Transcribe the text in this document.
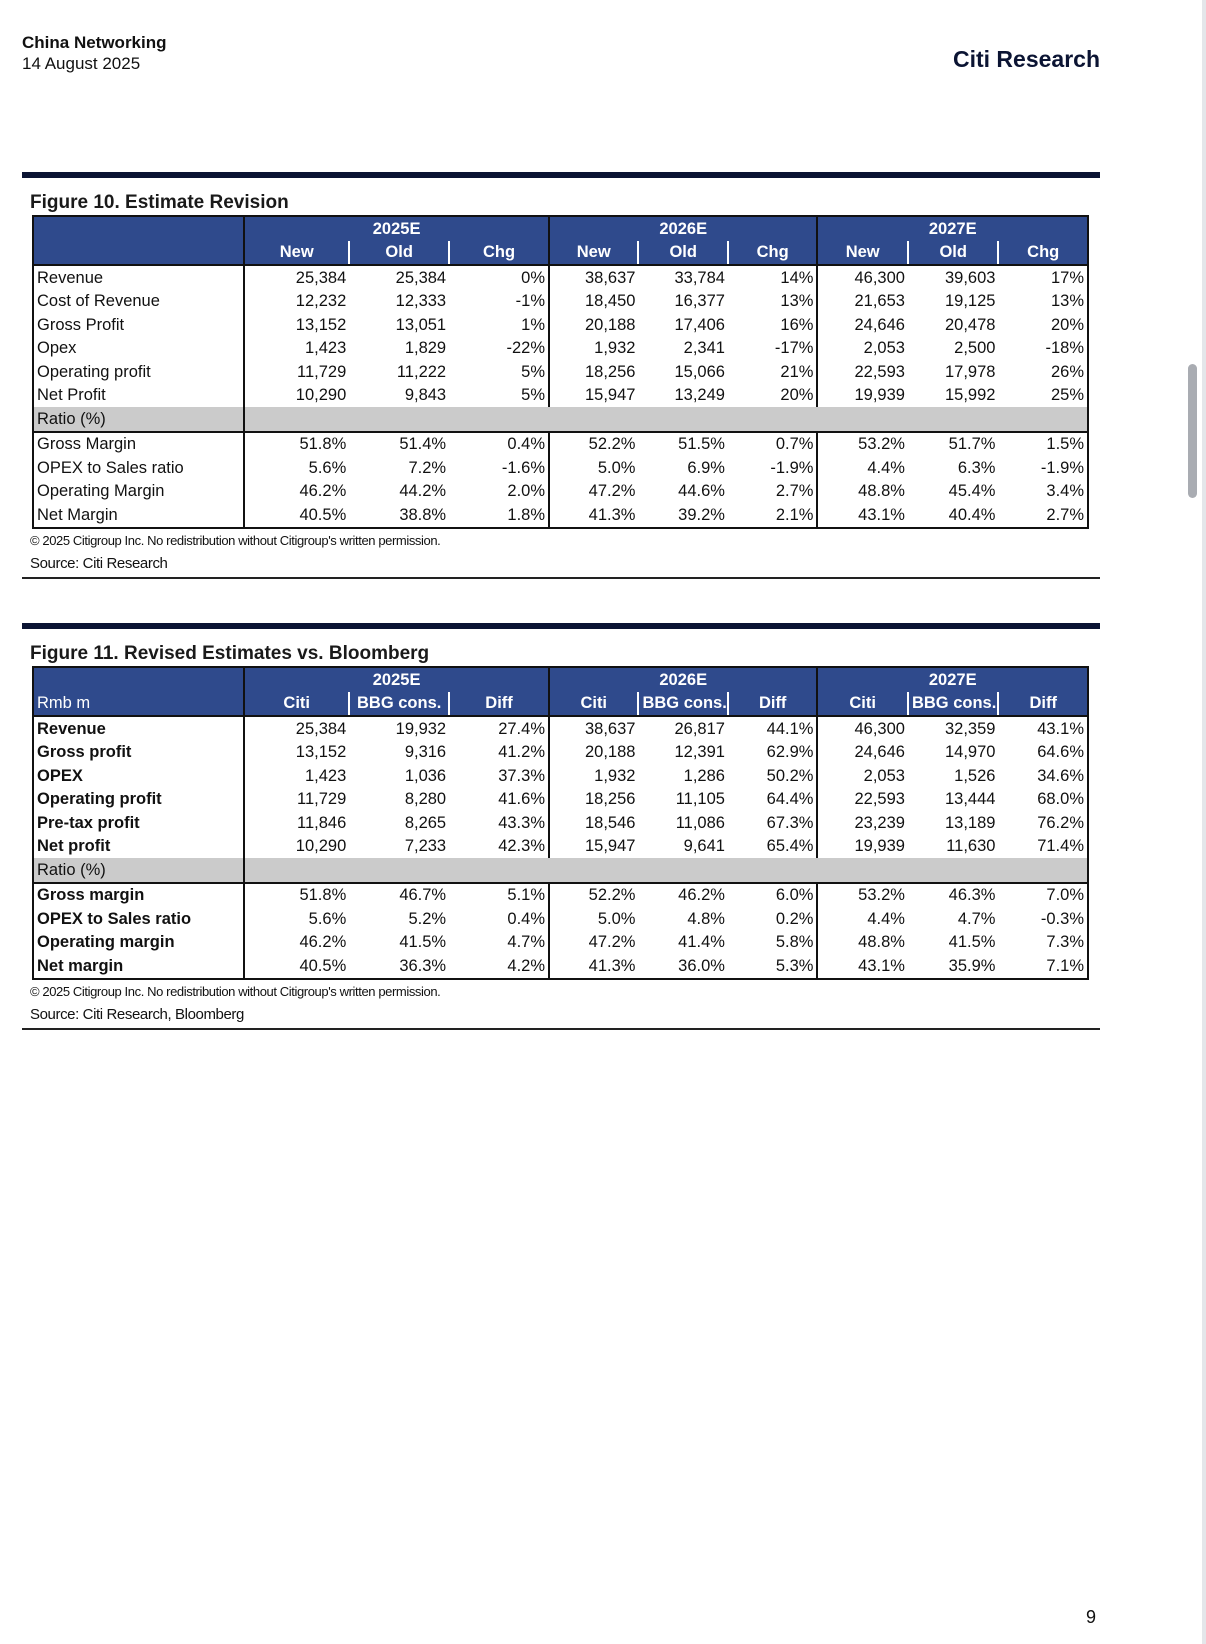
China Networking
14 August 2025	Citi Research
Figure 10. Estimate Revision
	2025E			2026E			2027E		
	New	Old	Chg	New	Old	Chg	New	Old	Chg
Revenue	25,384	25,384	0%	38,637	33,784	14%	46,300	39,603	17%
Cost of Revenue	12,232	12,333	-1%	18,450	16,377	13%	21,653	19,125	13%
Gross Profit	13,152	13,051	1%	20,188	17,406	16%	24,646	20,478	20%
Opex	1,423	1,829	-22%	1,932	2,341	-17%	2,053	2,500	-18%
Operating profit	11,729	11,222	5%	18,256	15,066	21%	22,593	17,978	26%
Net Profit	10,290	9,843	5%	15,947	13,249	20%	19,939	15,992	25%
Ratio (%)									
Gross Margin	51.8%	51.4%	0.4%	52.2%	51.5%	0.7%	53.2%	51.7%	1.5%
OPEX to Sales ratio	5.6%	7.2%	-1.6%	5.0%	6.9%	-1.9%	4.4%	6.3%	-1.9%
Operating Margin	46.2%	44.2%	2.0%	47.2%	44.6%	2.7%	48.8%	45.4%	3.4%
Net Margin	40.5%	38.8%	1.8%	41.3%	39.2%	2.1%	43.1%	40.4%	2.7%
© 2025 Citigroup Inc. No redistribution without Citigroup's written permission.
Source: Citi Research
Figure 11. Revised Estimates vs. Bloomberg
	2025E			2026E			2027E		
Rmb m	Citi	BBG cons.	Diff	Citi	BBG cons.	Diff	Citi	BBG cons.	Diff
Revenue	25,384	19,932	27.4%	38,637	26,817	44.1%	46,300	32,359	43.1%
Gross profit	13,152	9,316	41.2%	20,188	12,391	62.9%	24,646	14,970	64.6%
OPEX	1,423	1,036	37.3%	1,932	1,286	50.2%	2,053	1,526	34.6%
Operating profit	11,729	8,280	41.6%	18,256	11,105	64.4%	22,593	13,444	68.0%
Pre-tax profit	11,846	8,265	43.3%	18,546	11,086	67.3%	23,239	13,189	76.2%
Net profit	10,290	7,233	42.3%	15,947	9,641	65.4%	19,939	11,630	71.4%
Ratio (%)									
Gross margin	51.8%	46.7%	5.1%	52.2%	46.2%	6.0%	53.2%	46.3%	7.0%
OPEX to Sales ratio	5.6%	5.2%	0.4%	5.0%	4.8%	0.2%	4.4%	4.7%	-0.3%
Operating margin	46.2%	41.5%	4.7%	47.2%	41.4%	5.8%	48.8%	41.5%	7.3%
Net margin	40.5%	36.3%	4.2%	41.3%	36.0%	5.3%	43.1%	35.9%	7.1%
© 2025 Citigroup Inc. No redistribution without Citigroup's written permission.
Source: Citi Research, Bloomberg
9
